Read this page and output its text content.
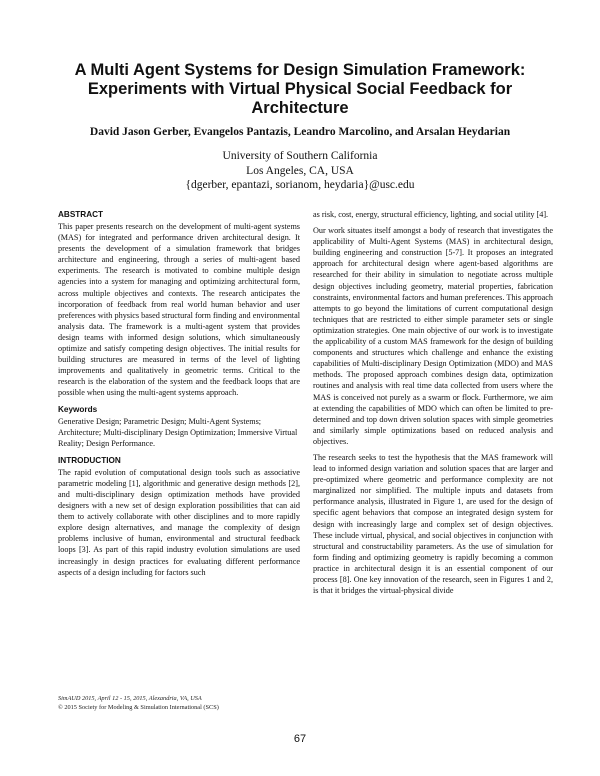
A Multi Agent Systems for Design Simulation Framework: Experiments with Virtual Physical Social Feedback for Architecture
David Jason Gerber, Evangelos Pantazis, Leandro Marcolino, and Arsalan Heydarian
University of Southern California
Los Angeles, CA, USA
{dgerber, epantazi, sorianom, heydaria}@usc.edu
ABSTRACT

This paper presents research on the development of multi-agent systems (MAS) for integrated and performance driven architectural design. It presents the development of a simulation framework that bridges architecture and engineering, through a series of multi-agent based experiments. The research is motivated to combine multiple design agencies into a system for managing and optimizing architectural form, across multiple objectives and contexts. The research anticipates the incorporation of feedback from real world human behavior and user preferences with physics based structural form finding and environmental analysis data. The framework is a multi-agent system that provides design teams with informed design solutions, which simultaneously optimize and satisfy competing design objectives. The initial results for building structures are measured in terms of the level of lighting improvements and qualitatively in geometric terms. Critical to the research is the elaboration of the system and the feedback loops that are possible when using the multi-agent systems approach.

Keywords

Generative Design; Parametric Design; Multi-Agent Systems; Architecture; Multi-disciplinary Design Optimization; Immersive Virtual Reality; Design Performance.

INTRODUCTION

The rapid evolution of computational design tools such as associative parametric modeling [1], algorithmic and generative design methods [2], and multi-disciplinary design optimization methods have provided designers with a new set of design exploration possibilities that can aid them to actively collaborate with other disciplines and to more rapidly explore design alternatives, and manage the complexity of design problems inclusive of human, environmental and structural feedback loops [3]. As part of this rapid industry evolution simulations are used increasingly in design practices for evaluating different performance aspects of a design including for factors such

as risk, cost, energy, structural efficiency, lighting, and social utility [4].

Our work situates itself amongst a body of research that investigates the applicability of Multi-Agent Systems (MAS) in architectural design, building engineering and construction [5-7]. It proposes an integrated approach for architectural design where agent-based algorithms are researched for their ability in simulation to negotiate across multiple design objectives including geometry, material properties, fabrication constraints, environmental factors and human preferences. This approach attempts to go beyond the limitations of current computational design techniques that are restricted to either simple parameter sets or single optimization strategies. One main objective of our work is to investigate the applicability of a custom MAS framework for the design of building components and structures which challenge and enhance the existing capabilities of Multi-disciplinary Design Optimization (MDO) and MAS methods. The proposed approach combines design data, optimization routines and analysis with real time data collected from users where the MAS is conceived not purely as a swarm or flock. Furthermore, we aim at extending the capabilities of MDO which can often be limited to pre-determined and top down driven solution spaces with simple geometries and similarly simple optimizations based on reduced analysis and objectives.

The research seeks to test the hypothesis that the MAS framework will lead to informed design variation and solution spaces that are larger and pre-optimized where geometric and performance complexity are not marginalized nor simplified. The multiple inputs and datasets from performance analysis, illustrated in Figure 1, are used for the design of specific agent behaviors that compose an integrated design system for design with increasingly large and complex set of design objectives. These include virtual, physical, and social objectives in conjunction with structural and constructability parameters. As the use of simulation for form finding and optimizing geometry is rapidly becoming a common practice in architectural design it is an essential component of our process [8]. One key innovation of the research, seen in Figures 1 and 2, is that it bridges the virtual-physical divide

SimAUD 2015, April 12 - 15, 2015, Alexandria, VA, USA
© 2015 Society for Modeling & Simulation International (SCS)
67
